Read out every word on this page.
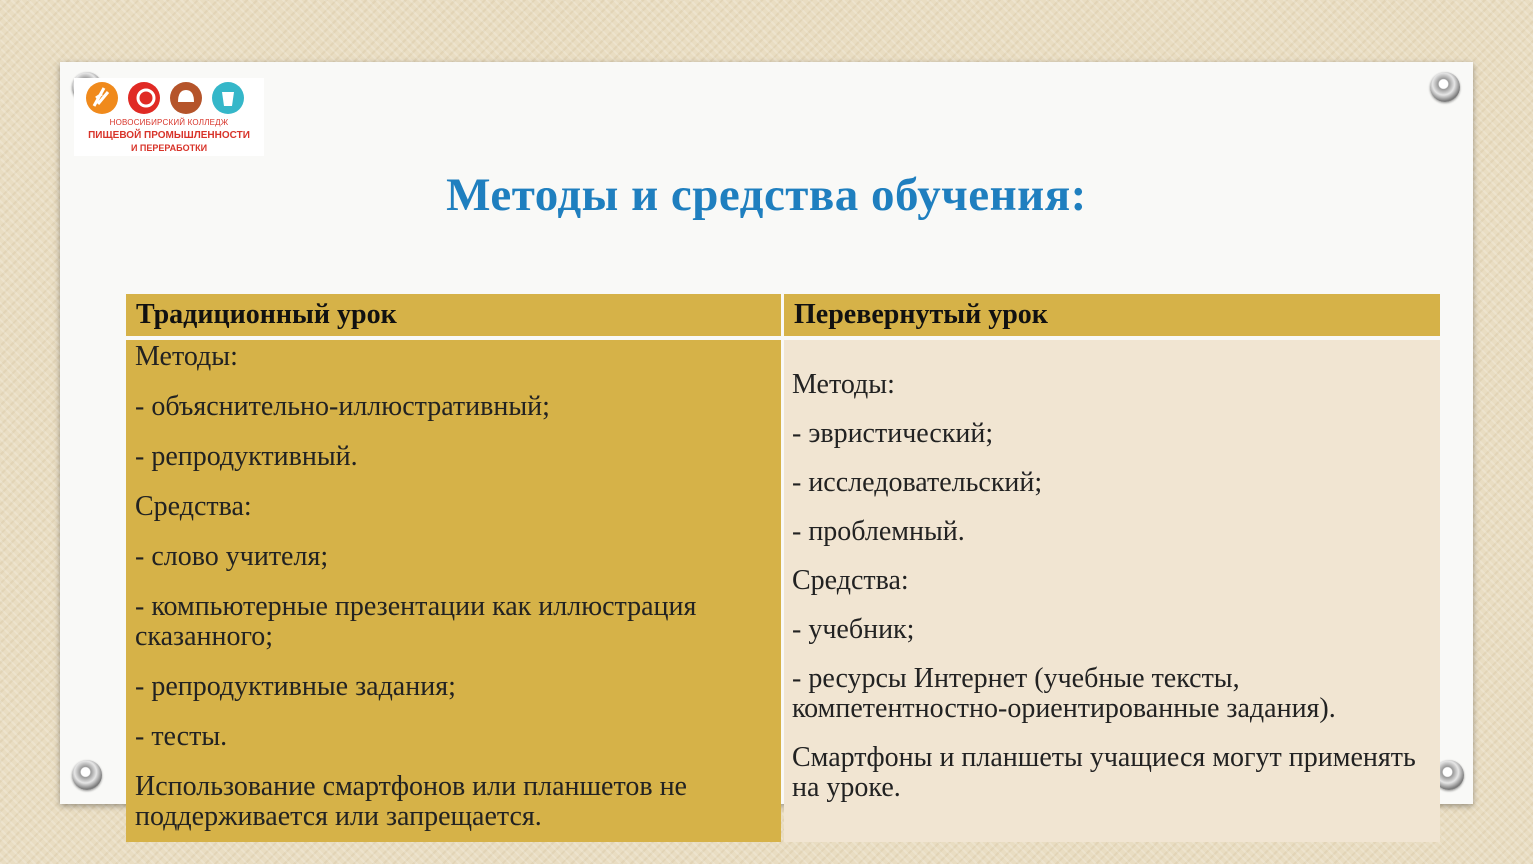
НОВОСИБИРСКИЙ КОЛЛЕДЖ
ПИЩЕВОЙ ПРОМЫШЛЕННОСТИ
И ПЕРЕРАБОТКИ
Методы и средства обучения:
Традиционный урок	Перевернутый урок
Методы:
- объяснительно-иллюстративный;
- репродуктивный.
Средства:
- слово учителя;
- компьютерные презентации как иллюстрация сказанного;
- репродуктивные задания;
- тесты.
Использование смартфонов или планшетов не поддерживается или запрещается.
Методы:
- эвристический;
- исследовательский;
- проблемный.
Средства:
- учебник;
- ресурсы Интернет (учебные тексты, компетентностно-ориентированные задания).
Смартфоны и планшеты учащиеся могут применять на уроке.
